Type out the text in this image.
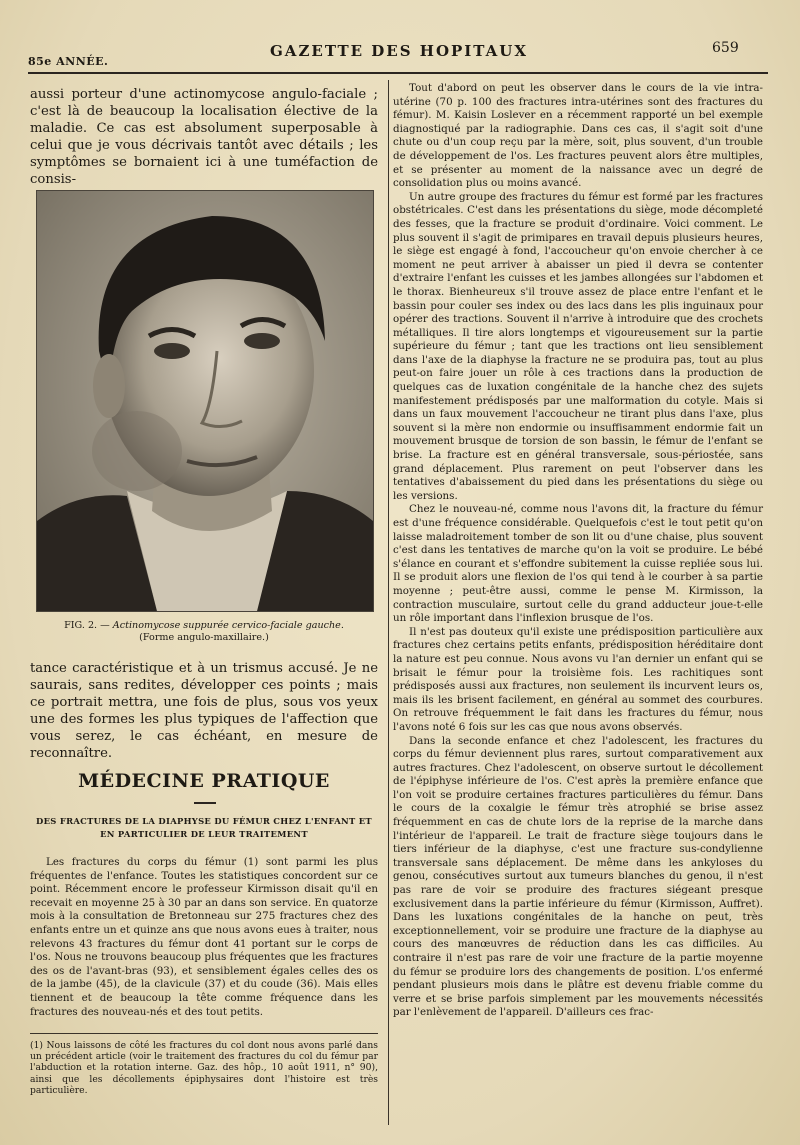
85e ANNÉE.
GAZETTE DES HOPITAUX	659

aussi porteur d'une actinomycose angulo-faciale ; c'est là de beaucoup la localisation élective de la maladie. Ce cas est absolument superposable à celui que je vous décrivais tantôt avec détails ; les symptômes se bornaient ici à une tuméfaction de consis-

FIG. 2. — Actinomycose suppurée cervico-faciale gauche.
(Forme angulo-maxillaire.)

tance caractéristique et à un trismus accusé. Je ne saurais, sans redites, développer ces points ; mais ce portrait mettra, une fois de plus, sous vos yeux une des formes les plus typiques de l'affection que vous serez, le cas échéant, en mesure de reconnaître.

MÉDECINE PRATIQUE
DES FRACTURES DE LA DIAPHYSE DU FÉMUR CHEZ L'ENFANT ET EN PARTICULIER DE LEUR TRAITEMENT

Les fractures du corps du fémur (1) sont parmi les plus fréquentes de l'enfance. Toutes les statistiques concordent sur ce point. Récemment encore le professeur Kirmisson disait qu'il en recevait en moyenne 25 à 30 par an dans son service. En quatorze mois à la consultation de Bretonneau sur 275 fractures chez des enfants entre un et quinze ans que nous avons eues à traiter, nous relevons 43 fractures du fémur dont 41 portant sur le corps de l'os. Nous ne trouvons beaucoup plus fréquentes que les fractures des os de l'avant-bras (93), et sensiblement égales celles des os de la jambe (45), de la clavicule (37) et du coude (36). Mais elles tiennent et de beaucoup la tête comme fréquence dans les fractures des nouveau-nés et des tout petits.

(1) Nous laissons de côté les fractures du col dont nous avons parlé dans un précédent article (voir le traitement des fractures du col du fémur par l'abduction et la rotation interne. Gaz. des hôp., 10 août 1911, n° 90), ainsi que les décollements épiphysaires dont l'histoire est très particulière.

Tout d'abord on peut les observer dans le cours de la vie intra-utérine (70 p. 100 des fractures intra-utérines sont des fractures du fémur). M. Kaisin Loslever en a récemment rapporté un bel exemple diagnostiqué par la radiographie. Dans ces cas, il s'agit soit d'une chute ou d'un coup reçu par la mère, soit, plus souvent, d'un trouble de développement de l'os. Les fractures peuvent alors être multiples, et se présenter au moment de la naissance avec un degré de consolidation plus ou moins avancé.

Un autre groupe des fractures du fémur est formé par les fractures obstétricales. C'est dans les présentations du siège, mode décompleté des fesses, que la fracture se produit d'ordinaire. Voici comment. Le plus souvent il s'agit de primipares en travail depuis plusieurs heures, le siège est engagé à fond, l'accoucheur qu'on envoie chercher à ce moment ne peut arriver à abaisser un pied il devra se contenter d'extraire l'enfant les cuisses et les jambes allongées sur l'abdomen et le thorax. Bienheureux s'il trouve assez de place entre l'enfant et le bassin pour couler ses index ou des lacs dans les plis inguinaux pour opérer des tractions. Souvent il n'arrive à introduire que des crochets métalliques. Il tire alors longtemps et vigoureusement sur la partie supérieure du fémur ; tant que les tractions ont lieu sensiblement dans l'axe de la diaphyse la fracture ne se produira pas, tout au plus peut-on faire jouer un rôle à ces tractions dans la production de quelques cas de luxation congénitale de la hanche chez des sujets manifestement prédisposés par une malformation du cotyle. Mais si dans un faux mouvement l'accoucheur ne tirant plus dans l'axe, plus souvent si la mère non endormie ou insuffisamment endormie fait un mouvement brusque de torsion de son bassin, le fémur de l'enfant se brise. La fracture est en général transversale, sous-périostée, sans grand déplacement. Plus rarement on peut l'observer dans les tentatives d'abaissement du pied dans les présentations du siège ou les versions.

Chez le nouveau-né, comme nous l'avons dit, la fracture du fémur est d'une fréquence considérable. Quelquefois c'est le tout petit qu'on laisse maladroitement tomber de son lit ou d'une chaise, plus souvent c'est dans les tentatives de marche qu'on la voit se produire. Le bébé s'élance en courant et s'effondre subitement la cuisse repliée sous lui. Il se produit alors une flexion de l'os qui tend à le courber à sa partie moyenne ; peut-être aussi, comme le pense M. Kirmisson, la contraction musculaire, surtout celle du grand adducteur joue-t-elle un rôle important dans l'inflexion brusque de l'os.

Il n'est pas douteux qu'il existe une prédisposition particulière aux fractures chez certains petits enfants, prédisposition héréditaire dont la nature est peu connue. Nous avons vu l'an dernier un enfant qui se brisait le fémur pour la troisième fois. Les rachitiques sont prédisposés aussi aux fractures, non seulement ils incurvent leurs os, mais ils les brisent facilement, en général au sommet des courbures. On retrouve fréquemment le fait dans les fractures du fémur, nous l'avons noté 6 fois sur les cas que nous avons observés.

Dans la seconde enfance et chez l'adolescent, les fractures du corps du fémur deviennent plus rares, surtout comparativement aux autres fractures. Chez l'adolescent, on observe surtout le décollement de l'épiphyse inférieure de l'os. C'est après la première enfance que l'on voit se produire certaines fractures particulières du fémur. Dans le cours de la coxalgie le fémur très atrophié se brise assez fréquemment en cas de chute lors de la reprise de la marche dans l'intérieur de l'appareil. Le trait de fracture siège toujours dans le tiers inférieur de la diaphyse, c'est une fracture sus-condylienne transversale sans déplacement. De même dans les ankyloses du genou, consécutives surtout aux tumeurs blanches du genou, il n'est pas rare de voir se produire des fractures siégeant presque exclusivement dans la partie inférieure du fémur (Kirmisson, Auffret). Dans les luxations congénitales de la hanche on peut, très exceptionnellement, voir se produire une fracture de la diaphyse au cours des manœuvres de réduction dans les cas difficiles. Au contraire il n'est pas rare de voir une fracture de la partie moyenne du fémur se produire lors des changements de position. L'os enfermé pendant plusieurs mois dans le plâtre est devenu friable comme du verre et se brise parfois simplement par les mouvements nécessités par l'enlèvement de l'appareil. D'ailleurs ces frac-
